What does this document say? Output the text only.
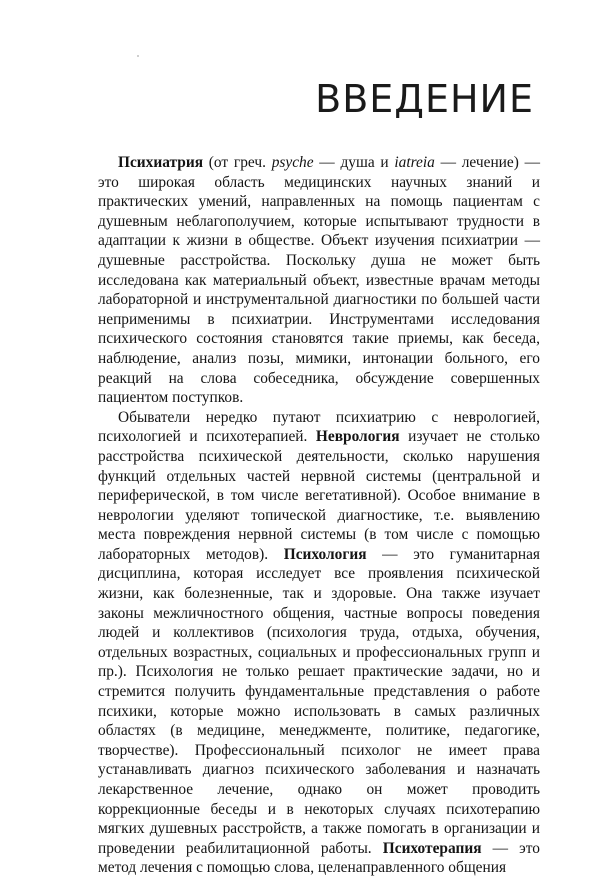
ВВЕДЕНИЕ

Психиатрия (от греч. psyche — душа и iatreia — лечение) — это широкая область медицинских научных знаний и практических умений, направленных на помощь пациентам с душевным неблагополучием, которые испытывают трудности в адаптации к жизни в обществе. Объект изучения психиатрии — душевные расстройства. Поскольку душа не может быть исследована как материальный объект, известные врачам методы лабораторной и инструментальной диагностики по большей части неприменимы в психиатрии. Инструментами исследования психического состояния становятся такие приемы, как беседа, наблюдение, анализ позы, мимики, интонации больного, его реакций на слова собеседника, обсуждение совершенных пациентом поступков.

Обыватели нередко путают психиатрию с неврологией, психологией и психотерапией. Неврология изучает не столько расстройства психической деятельности, сколько нарушения функций отдельных частей нервной системы (центральной и периферической, в том числе вегетативной). Особое внимание в неврологии уделяют топической диагностике, т.е. выявлению места повреждения нервной системы (в том числе с помощью лабораторных методов). Психология — это гуманитарная дисциплина, которая исследует все проявления психической жизни, как болезненные, так и здоровые. Она также изучает законы межличностного общения, частные вопросы поведения людей и коллективов (психология труда, отдыха, обучения, отдельных возрастных, социальных и профессиональных групп и пр.). Психология не только решает практические задачи, но и стремится получить фундаментальные представления о работе психики, которые можно использовать в самых различных областях (в медицине, менеджменте, политике, педагогике, творчестве). Профессиональный психолог не имеет права устанавливать диагноз психического заболевания и назначать лекарственное лечение, однако он может проводить коррекционные беседы и в некоторых случаях психотерапию мягких душевных расстройств, а также помогать в организации и проведении реабилитационной работы. Психотерапия — это метод лечения с помощью слова, целенаправленного общения
